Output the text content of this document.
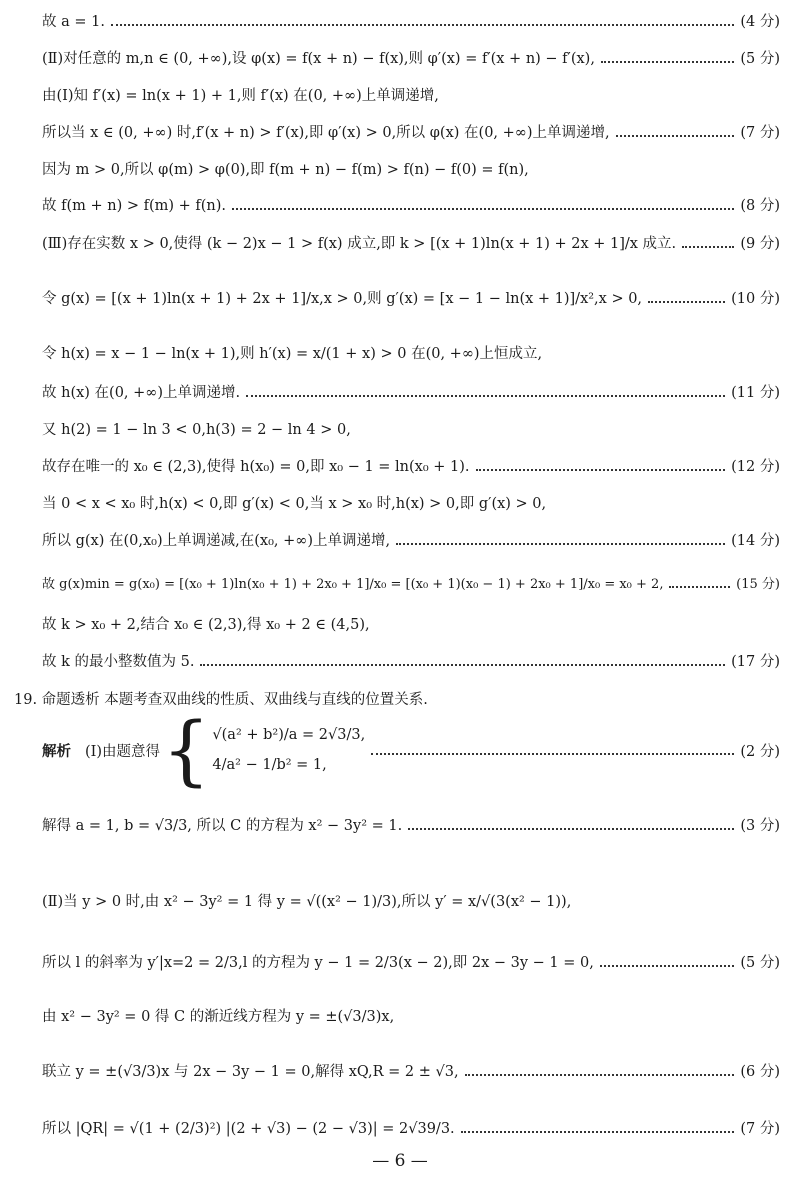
故 a = 1.	(4 分)
(Ⅱ)对任意的 m,n ∈ (0, +∞),设 φ(x) = f(x + n) − f(x),则 φ′(x) = f′(x + n) − f′(x),	(5 分)
由(Ⅰ)知 f′(x) = ln(x + 1) + 1,则 f′(x) 在(0, +∞)上单调递增,
所以当 x ∈ (0, +∞) 时,f′(x + n) > f′(x),即 φ′(x) > 0,所以 φ(x) 在(0, +∞)上单调递增,	(7 分)
因为 m > 0,所以 φ(m) > φ(0),即 f(m + n) − f(m) > f(n) − f(0) = f(n),
故 f(m + n) > f(m) + f(n).	(8 分)
(Ⅲ)存在实数 x > 0,使得 (k − 2)x − 1 > f(x) 成立,即 k > [(x + 1)ln(x + 1) + 2x + 1]/x 成立.	(9 分)
令 g(x) = [(x + 1)ln(x + 1) + 2x + 1]/x,x > 0,则 g′(x) = [x − 1 − ln(x + 1)]/x²,x > 0,	(10 分)
令 h(x) = x − 1 − ln(x + 1),则 h′(x) = x/(1 + x) > 0 在(0, +∞)上恒成立,
故 h(x) 在(0, +∞)上单调递增.	(11 分)
又 h(2) = 1 − ln 3 < 0,h(3) = 2 − ln 4 > 0,
故存在唯一的 x₀ ∈ (2,3),使得 h(x₀) = 0,即 x₀ − 1 = ln(x₀ + 1).	(12 分)
当 0 < x < x₀ 时,h(x) < 0,即 g′(x) < 0,当 x > x₀ 时,h(x) > 0,即 g′(x) > 0,
所以 g(x) 在(0,x₀)上单调递减,在(x₀, +∞)上单调递增,	(14 分)
故 g(x)min = g(x₀) = [(x₀ + 1)ln(x₀ + 1) + 2x₀ + 1]/x₀ = [(x₀ + 1)(x₀ − 1) + 2x₀ + 1]/x₀ = x₀ + 2,	(15 分)
故 k > x₀ + 2,结合 x₀ ∈ (2,3),得 x₀ + 2 ∈ (4,5),
故 k 的最小整数值为 5.	(17 分)
19. 命题透析 本题考查双曲线的性质、双曲线与直线的位置关系.
解析 (Ⅰ)由题意得 { √(a² + b²)/a = 2√3/3,
4/a² − 1/b² = 1,
(2 分)
解得 a = 1, b = √3/3, 所以 C 的方程为 x² − 3y² = 1.	(3 分)
(Ⅱ)当 y > 0 时,由 x² − 3y² = 1 得 y = √((x² − 1)/3),所以 y′ = x/√(3(x² − 1)),
所以 l 的斜率为 y′|x=2 = 2/3,l 的方程为 y − 1 = 2/3(x − 2),即 2x − 3y − 1 = 0,	(5 分)
由 x² − 3y² = 0 得 C 的渐近线方程为 y = ±(√3/3)x,
联立 y = ±(√3/3)x 与 2x − 3y − 1 = 0,解得 xQ,R = 2 ± √3,	(6 分)
所以 |QR| = √(1 + (2/3)²) |(2 + √3) − (2 − √3)| = 2√39/3.	(7 分)
— 6 —
